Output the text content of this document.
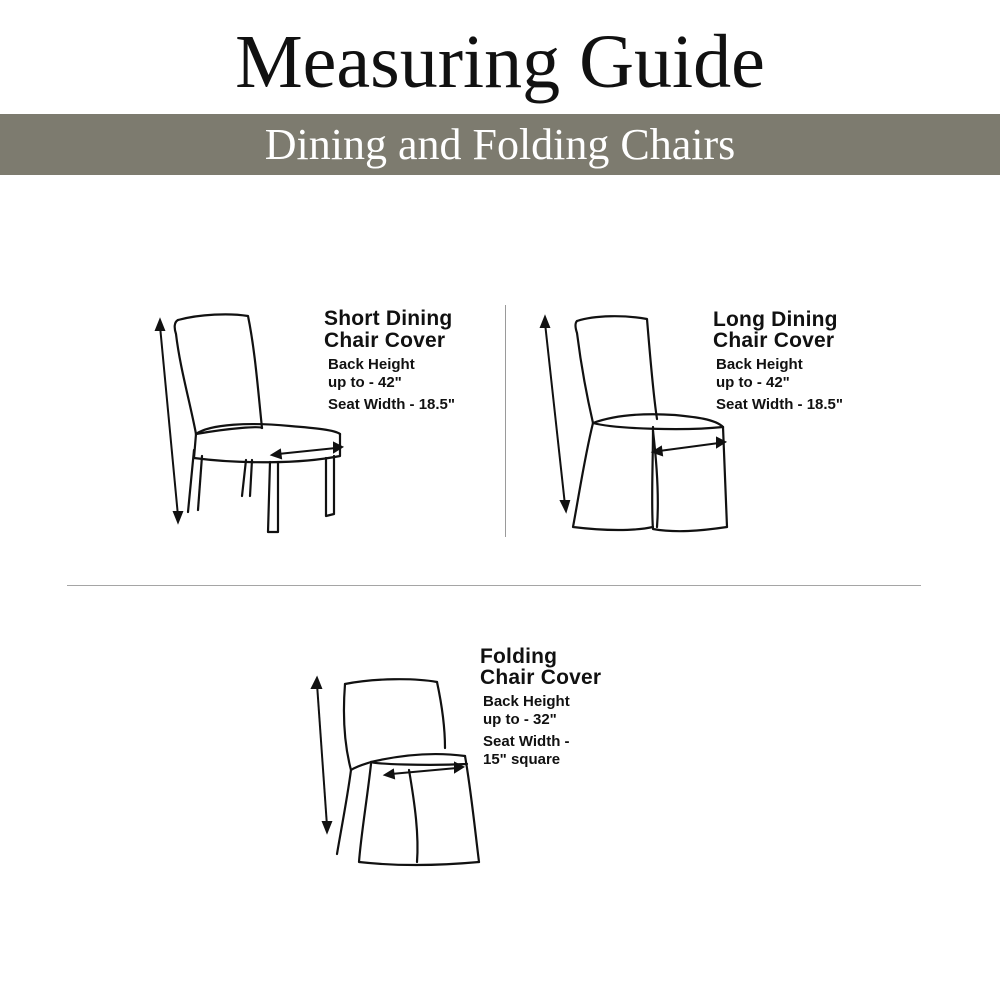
Measuring Guide
Dining and Folding Chairs
Short Dining
Chair Cover
Back Height
up to - 42"
Seat Width - 18.5"
Long Dining
Chair Cover
Back Height
up to - 42"
Seat Width - 18.5"
Folding
Chair Cover
Back Height
up to - 32"
Seat Width -
15" square
